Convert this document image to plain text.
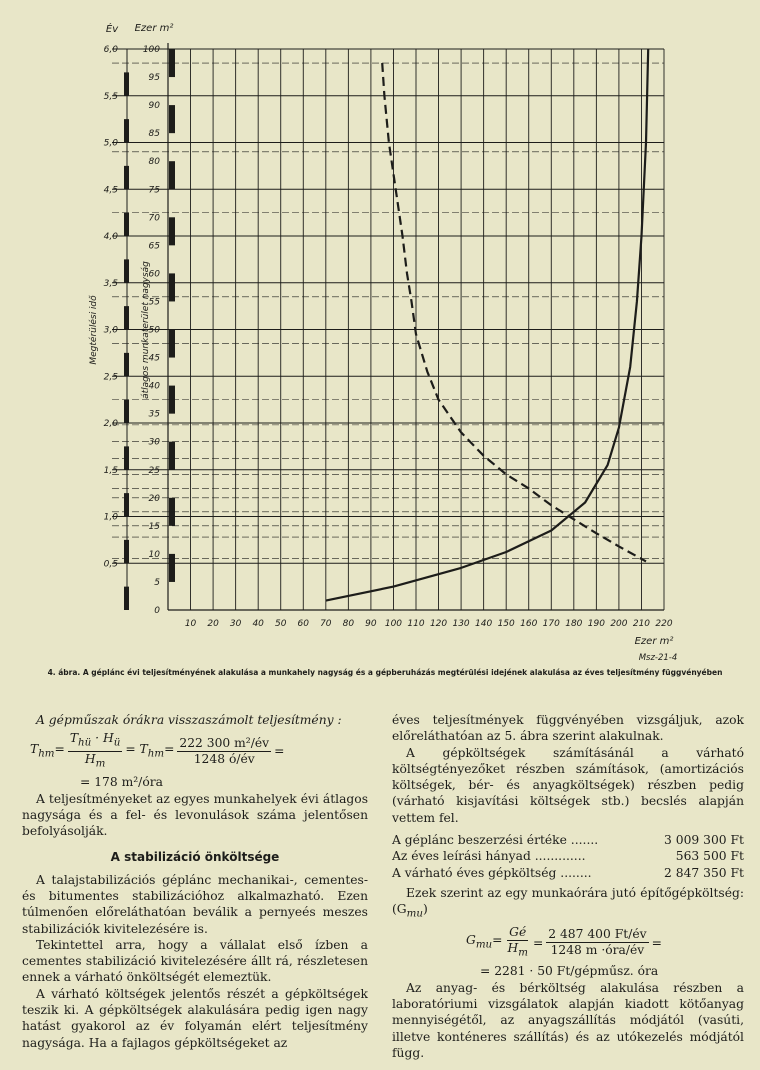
10 20 30 40 50 60 70 80 90 100 110 120 130 140 150 160 170 180 190 200 210 220
0,5
1,0
1,5
2,0
2,5
3,0
3,5
4,0
4,5
5,0
5,5
6,0
0
5
10
15
20
25
30
35
40
45
50
55
60
65
70
75
80
85
90
95
100
Év Ezer m²
Ezer m²
Msz-21-4
Megtérülési idő	átlagos munkaterület nagyság
4. ábra. A géplánc évi teljesítményének alakulása a munkahely nagyság és a gépberuházás megtérülési idejének alakulása az éves teljesítmény függvényében

A gépműszak órákra visszaszámolt teljesítmény :

$T_{hm}= \frac{T_{hü} \cdot H_ü}{H_m} = T_{hm}= \frac{\text{222 300 m²/év}}{1248 ó/év}$ =

= 178 m²/óra

A teljesítményeket az egyes munkahelyek évi átlagos nagysága és a fel- és levonulások száma jelentősen befolyásolják.

A stabilizáció önköltsége

A talajstabilizációs géplánc mechanikai-, cementes- és bitumentes stabilizációhoz alkalmazható. Ezen túlmenően előreláthatóan beválik a pernyeés meszes stabilizációk kivitelezésére is.

Tekintettel arra, hogy a vállalat első ízben a cementes stabilizáció kivitelezésére állt rá, részletesen ennek a várható önköltségét elemeztük.

A várható költségek jelentős részét a gépköltségek teszik ki. A gépköltségek alakulására pedig igen nagy hatást gyakorol az év folyamán elért teljesítmény nagysága. Ha a fajlagos gépköltségeket az

éves teljesítmények függvényében vizsgáljuk, azok előreláthatóan az 5. ábra szerint alakulnak.

A gépköltségek számításánál a várható költségtényezőket részben számítások, (amortizációs költségek, bér- és anyagköltségek) részben pedig (várható kisjavítási költségek stb.) becslés alapján vettem fel.

A géplánc beszerzési értéke .......	3 009 300 Ft
Az éves leírási hányad .............	563 500 Ft
A várható éves gépköltség ........	2 847 350 Ft

Ezek szerint az egy munkaórára jutó építőgépköltség: $(G_{mu})$

$G_{mu}= \frac{Gé}{H_m} = \frac{2 487 400 Ft/év}{\text{1248 m ·óra/év}}$ =

= 2281 · 50 Ft/gépműsz. óra

Az anyag- és bérköltség alakulása részben a laboratóriumi vizsgálatok alapján kiadott kötőanyag mennyiségétől, az anyagszállítás módjától (vasúti, illetve konténeres szállítás) és az utókezelés módjától függ.
